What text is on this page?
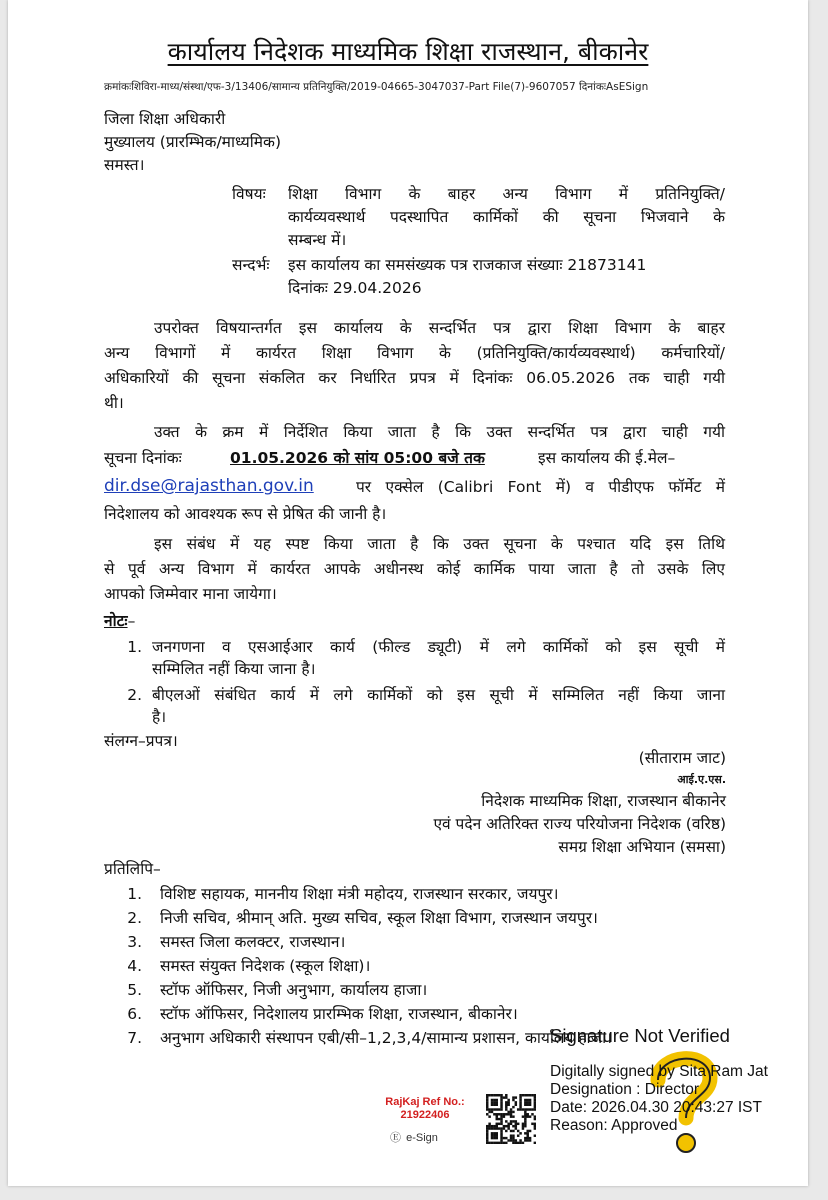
कार्यालय निदेशक माध्यमिक शिक्षा राजस्थान, बीकानेर
क्रमांकःशिविरा-माध्य/संस्था/एफ-3/13406/सामान्य प्रतिनियुक्ति/2019-04665-3047037-Part File(7)-9607057 दिनांकःAsESign
जिला शिक्षा अधिकारी
मुख्यालय (प्रारम्भिक/माध्यमिक)
समस्त।
विषयः शिक्षा विभाग के बाहर अन्य विभाग में प्रतिनियुक्ति/
कार्यव्यवस्थार्थ पदस्थापित कार्मिकों की सूचना भिजवाने के
सम्बन्ध में।
सन्दर्भः इस कार्यालय का समसंख्यक पत्र राजकाज संख्याः 21873141
दिनांकः 29.04.2026
उपरोक्त विषयान्तर्गत इस कार्यालय के सन्दर्भित पत्र द्वारा शिक्षा विभाग के बाहर
अन्य विभागों में कार्यरत शिक्षा विभाग के (प्रतिनियुक्ति/कार्यव्यवस्थार्थ) कर्मचारियों/
अधिकारियों की सूचना संकलित कर निर्धारित प्रपत्र में दिनांकः 06.05.2026 तक चाही गयी
थी।
उक्त के क्रम में निर्देशित किया जाता है कि उक्त सन्दर्भित पत्र द्वारा चाही गयी
सूचना दिनांकः	01.05.2026 को सांय 05:00 बजे तक	इस कार्यालय की ई.मेल–
dir.dse@rajasthan.gov.in	पर एक्सेल (Calibri Font में) व पीडीएफ फॉर्मेट में
निदेशालय को आवश्यक रूप से प्रेषित की जानी है।
इस संबंध में यह स्पष्ट किया जाता है कि उक्त सूचना के पश्चात यदि इस तिथि
से पूर्व अन्य विभाग में कार्यरत आपके अधीनस्थ कोई कार्मिक पाया जाता है तो उसके लिए
आपको जिम्मेवार माना जायेगा।
नोटः–
1. जनगणना व एसआईआर कार्य (फील्ड ड्यूटी) में लगे कार्मिकों को इस सूची में
सम्मिलित नहीं किया जाना है।
2. बीएलओं संबंधित कार्य में लगे कार्मिकों को इस सूची में सम्मिलित नहीं किया जाना
है।
संलग्न–प्रपत्र।
(सीताराम जाट)
आई.ए.एस.
निदेशक माध्यमिक शिक्षा, राजस्थान बीकानेर
एवं पदेन अतिरिक्त राज्य परियोजना निदेशक (वरिष्ठ)
समग्र शिक्षा अभियान (समसा)
प्रतिलिपि–
1. विशिष्ट सहायक, माननीय शिक्षा मंत्री महोदय, राजस्थान सरकार, जयपुर।
2. निजी सचिव, श्रीमान् अति. मुख्य सचिव, स्कूल शिक्षा विभाग, राजस्थान जयपुर।
3. समस्त जिला कलक्टर, राजस्थान।
4. समस्त संयुक्त निदेशक (स्कूल शिक्षा)।
5. स्टॉफ ऑफिसर, निजी अनुभाग, कार्यालय हाजा।
6. स्टॉफ ऑफिसर, निदेशालय प्रारम्भिक शिक्षा, राजस्थान, बीकानेर।
7. अनुभाग अधिकारी संस्थापन एबी/सी–1,2,3,4/सामान्य प्रशासन, कार्यालय हाजा।
Signature Not Verified
Digitally signed by Sita Ram Jat
Designation : Director
Date: 2026.04.30 20:43:27 IST
Reason: Approved
RajKaj Ref No.:
21922406
Ⓔ e-Sign
